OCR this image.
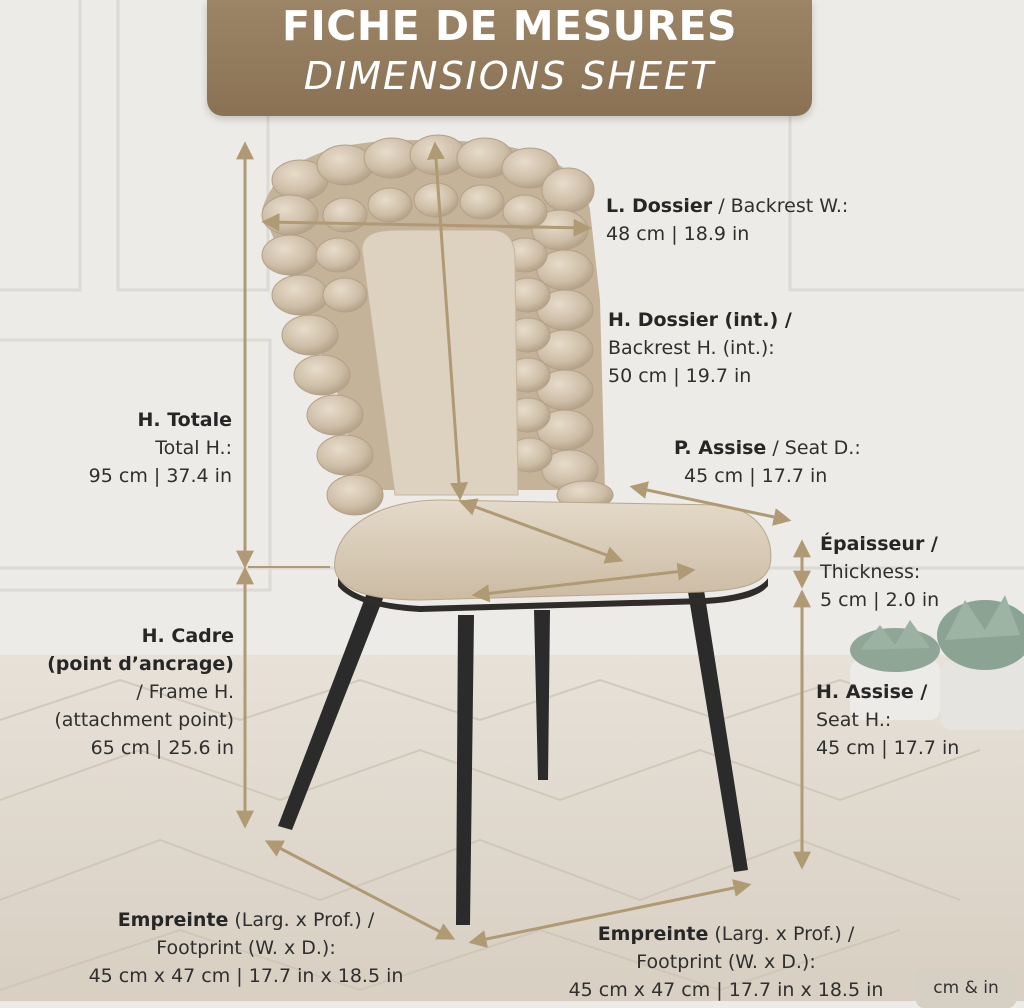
FICHE DE MESURES
DIMENSIONS SHEET
L. Dossier / Backrest W.:
48 cm | 18.9 in
H. Dossier (int.) /
Backrest H. (int.):
50 cm | 19.7 in
H. Totale
Total H.:
95 cm | 37.4 in
P. Assise / Seat D.:
45 cm | 17.7 in
Épaisseur /
Thickness:
5 cm | 2.0 in
H. Cadre
(point d’ancrage)
/ Frame H.
(attachment point)
65 cm | 25.6 in
H. Assise /
Seat H.:
45 cm | 17.7 in
Empreinte (Larg. x Prof.) /
Footprint (W. x D.):
45 cm x 47 cm | 17.7 in x 18.5 in
Empreinte (Larg. x Prof.) /
Footprint (W. x D.):
45 cm x 47 cm | 17.7 in x 18.5 in	cm & in
